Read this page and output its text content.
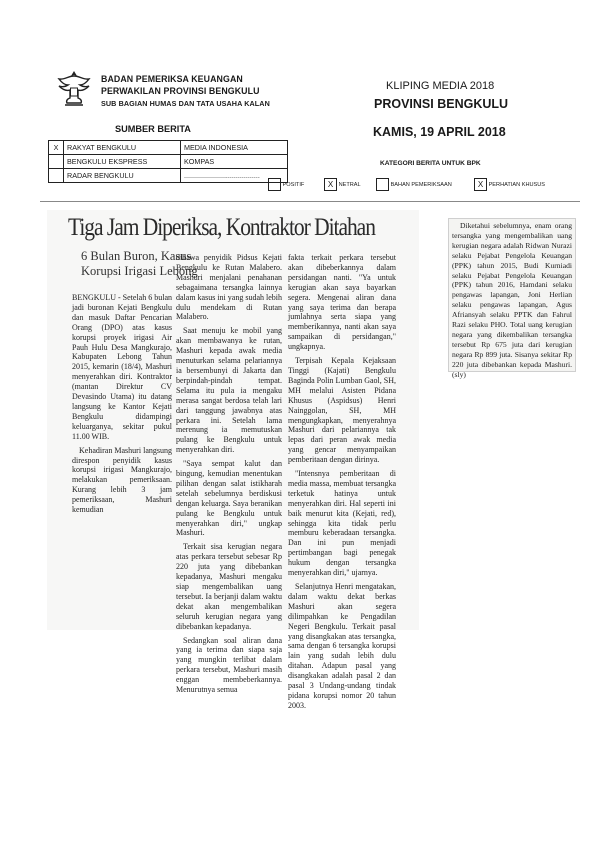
BADAN PEMERIKSA KEUANGAN
PERWAKILAN PROVINSI BENGKULU
SUB BAGIAN HUMAS DAN TATA USAHA KALAN
KLIPING MEDIA 2018
PROVINSI BENGKULU
KAMIS, 19 APRIL 2018
SUMBER BERITA
X	RAKYAT BENGKULU	MEDIA INDONESIA
	BENGKULU EKSPRESS	KOMPAS
	RADAR BENGKULU	......................................
KATEGORI BERITA UNTUK BPK
POSITIF	X NETRAL	BAHAN PEMERIKSAAN	X PERHATIAN KHUSUS
Tiga Jam Diperiksa, Kontraktor Ditahan
6 Bulan Buron, Kasus
Korupsi Irigasi Lebong

BENGKULU - Setelah 6 bulan jadi buronan Kejati Bengkulu dan masuk Daftar Pencarian Orang (DPO) atas kasus korupsi proyek irigasi Air Pauh Hulu Desa Mangkurajo, Kabupaten Lebong Tahun 2015, kemarin (18/4), Mashuri menyerahkan diri. Kontraktor (mantan Direktur CV Devasindo Utama) itu datang langsung ke Kantor Kejati Bengkulu didampingi keluarganya, sekitar pukul 11.00 WIB.

Kehadiran Mashuri langsung direspon penyidik kasus korupsi irigasi Mangkurajo, melakukan pemeriksaan. Kurang lebih 3 jam pemeriksaan, Mashuri kemudian

dibawa penyidik Pidsus Kejati Bengkulu ke Rutan Malabero. Mashuri menjalani penahanan sebagaimana tersangka lainnya dalam kasus ini yang sudah lebih dulu mendekam di Rutan Malabero.

Saat menuju ke mobil yang akan membawanya ke rutan, Mashuri kepada awak media menuturkan selama pelariannya ia bersembunyi di Jakarta dan berpindah-pindah tempat. Selama itu pula ia mengaku merasa sangat berdosa telah lari dari tanggung jawabnya atas perkara ini. Setelah lama merenung ia memutuskan pulang ke Bengkulu untuk menyerahkan diri.

"Saya sempat kalut dan bingung, kemudian menentukan pilihan dengan salat istikharah setelah sebelumnya berdiskusi dengan keluarga. Saya beranikan pulang ke Bengkulu untuk menyerahkan diri," ungkap Mashuri.

Terkait sisa kerugian negara atas perkara tersebut sebesar Rp 220 juta yang dibebankan kepadanya, Mashuri mengaku siap mengembalikan uang tersebut. Ia berjanji dalam waktu dekat akan mengembalikan seluruh kerugian negara yang dibebankan kepadanya.

Sedangkan soal aliran dana yang ia terima dan siapa saja yang mungkin terlibat dalam perkara tersebut, Mashuri masih enggan membeberkannya. Menurutnya semua

fakta terkait perkara tersebut akan dibeberkannya dalam persidangan nanti. "Ya untuk kerugian akan saya bayarkan segera. Mengenai aliran dana yang saya terima dan berapa jumlahnya serta siapa yang memberikannya, nanti akan saya sampaikan di persidangan," ungkapnya.

Terpisah Kepala Kejaksaan Tinggi (Kajati) Bengkulu Baginda Polin Lumban Gaol, SH, MH melalui Asisten Pidana Khusus (Aspidsus) Henri Nainggolan, SH, MH mengungkapkan, menyerahnya Mashuri dari pelariannya tak lepas dari peran awak media yang gencar menyampaikan pemberitaan dengan dirinya.

"Intensnya pemberitaan di media massa, membuat tersangka terketuk hatinya untuk menyerahkan diri. Hal seperti ini baik menurut kita (Kejati, red), sehingga kita tidak perlu memburu keberadaan tersangka. Dan ini pun menjadi pertimbangan bagi penegak hukum dengan tersangka menyerahkan diri," ujarnya.

Selanjutnya Henri mengatakan, dalam waktu dekat berkas Mashuri akan segera dilimpahkan ke Pengadilan Negeri Bengkulu. Terkait pasal yang disangkakan atas tersangka, sama dengan 6 tersangka korupsi lain yang sudah lebih dulu ditahan. Adapun pasal yang disangkakan adalah pasal 2 dan pasal 3 Undang-undang tindak pidana korupsi nomor 20 tahun 2003.

Diketahui sebelumnya, enam orang tersangka yang mengembalikan uang kerugian negara adalah Ridwan Nurazi selaku Pejabat Pengelola Keuangan (PPK) tahun 2015, Budi Kurniadi selaku Pejabat Pengelola Keuangan (PPK) tahun 2016, Hamdani selaku pengawas lapangan, Joni Herlian selaku pengawas lapangan, Agus Afriansyah selaku PPTK dan Fahrul Razi selaku PHO. Total uang kerugian negara yang dikembalikan tersangka tersebut Rp 675 juta dari kerugian negara Rp 899 juta. Sisanya sekitar Rp 220 juta dibebankan kepada Mashuri.(sly)
